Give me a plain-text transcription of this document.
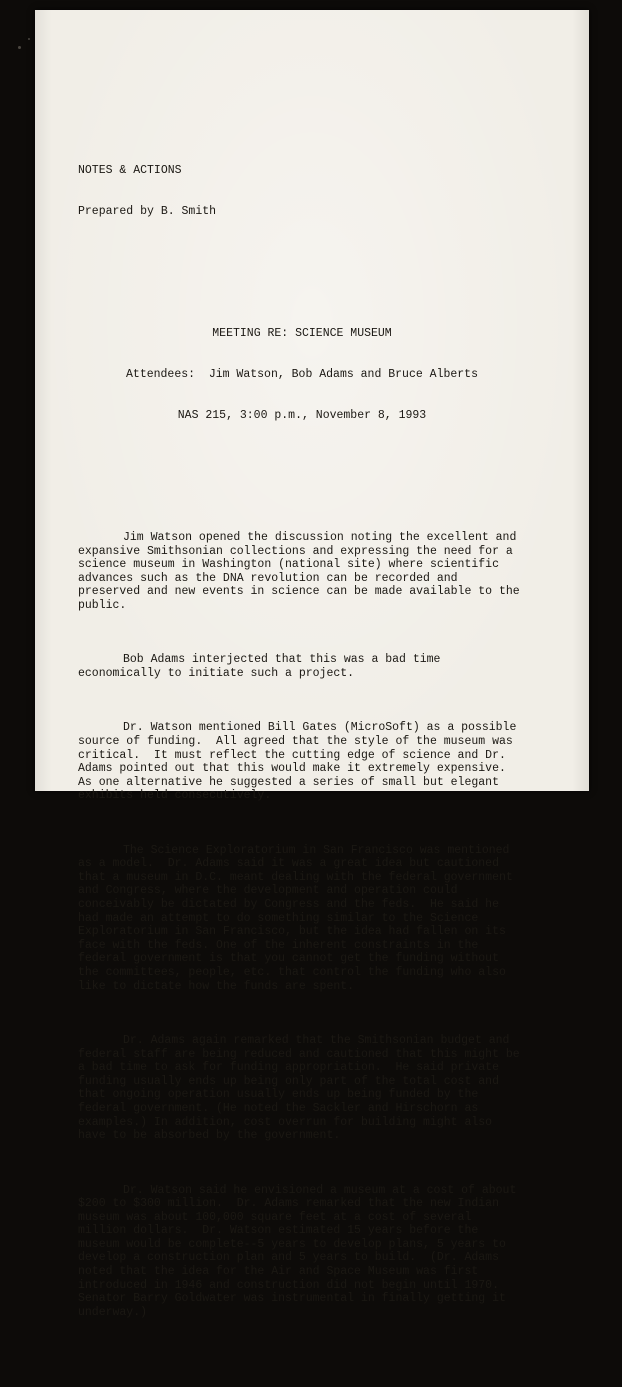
NOTES & ACTIONS

Prepared by B. Smith

MEETING RE: SCIENCE MUSEUM

Attendees:  Jim Watson, Bob Adams and Bruce Alberts

NAS 215, 3:00 p.m., November 8, 1993

Jim Watson opened the discussion noting the excellent and expansive Smithsonian collections and expressing the need for a science museum in Washington (national site) where scientific advances such as the DNA revolution can be recorded and preserved and new events in science can be made available to the public.

Bob Adams interjected that this was a bad time economically to initiate such a project.

Dr. Watson mentioned Bill Gates (MicroSoft) as a possible source of funding.  All agreed that the style of the museum was critical.  It must reflect the cutting edge of science and Dr. Adams pointed out that this would make it extremely expensive. As one alternative he suggested a series of small but elegant exhibits held consecutively.

The Science Exploratorium in San Francisco was mentioned as a model.  Dr. Adams said it was a great idea but cautioned that a museum in D.C. meant dealing with the federal government and Congress, where the development and operation could conceivably be dictated by Congress and the feds.  He said he had made an attempt to do something similar to the Science Exploratorium in San Francisco, but the idea had fallen on its face with the feds. One of the inherent constraints in the federal government is that you cannot get the funding without the committees, people, etc. that control the funding who also like to dictate how the funds are spent.

Dr. Adams again remarked that the Smithsonian budget and federal staff are being reduced and cautioned that this might be a bad time to ask for funding appropriation.  He said private funding usually ends up being only part of the total cost and that ongoing operation usually ends up being funded by the federal government. (He noted the Sackler and Hirschorn as examples.) In addition, cost overrun for building might also have to be absorbed by the government.

Dr. Watson said he envisioned a museum at a cost of about $200 to $300 million.  Dr. Adams remarked that the new Indian museum was about 100,000 square feet at a cost of several million dollars.  Dr. Watson estimated 15 years before the museum would be complete--5 years to develop plans, 5 years to develop a construction plan and 5 years to build.  (Dr. Adams noted that the idea for the Air and Space Museum was first introduced in 1946 and construction did not begin until 1970. Senator Barry Goldwater was instrumental in finally getting it underway.)
